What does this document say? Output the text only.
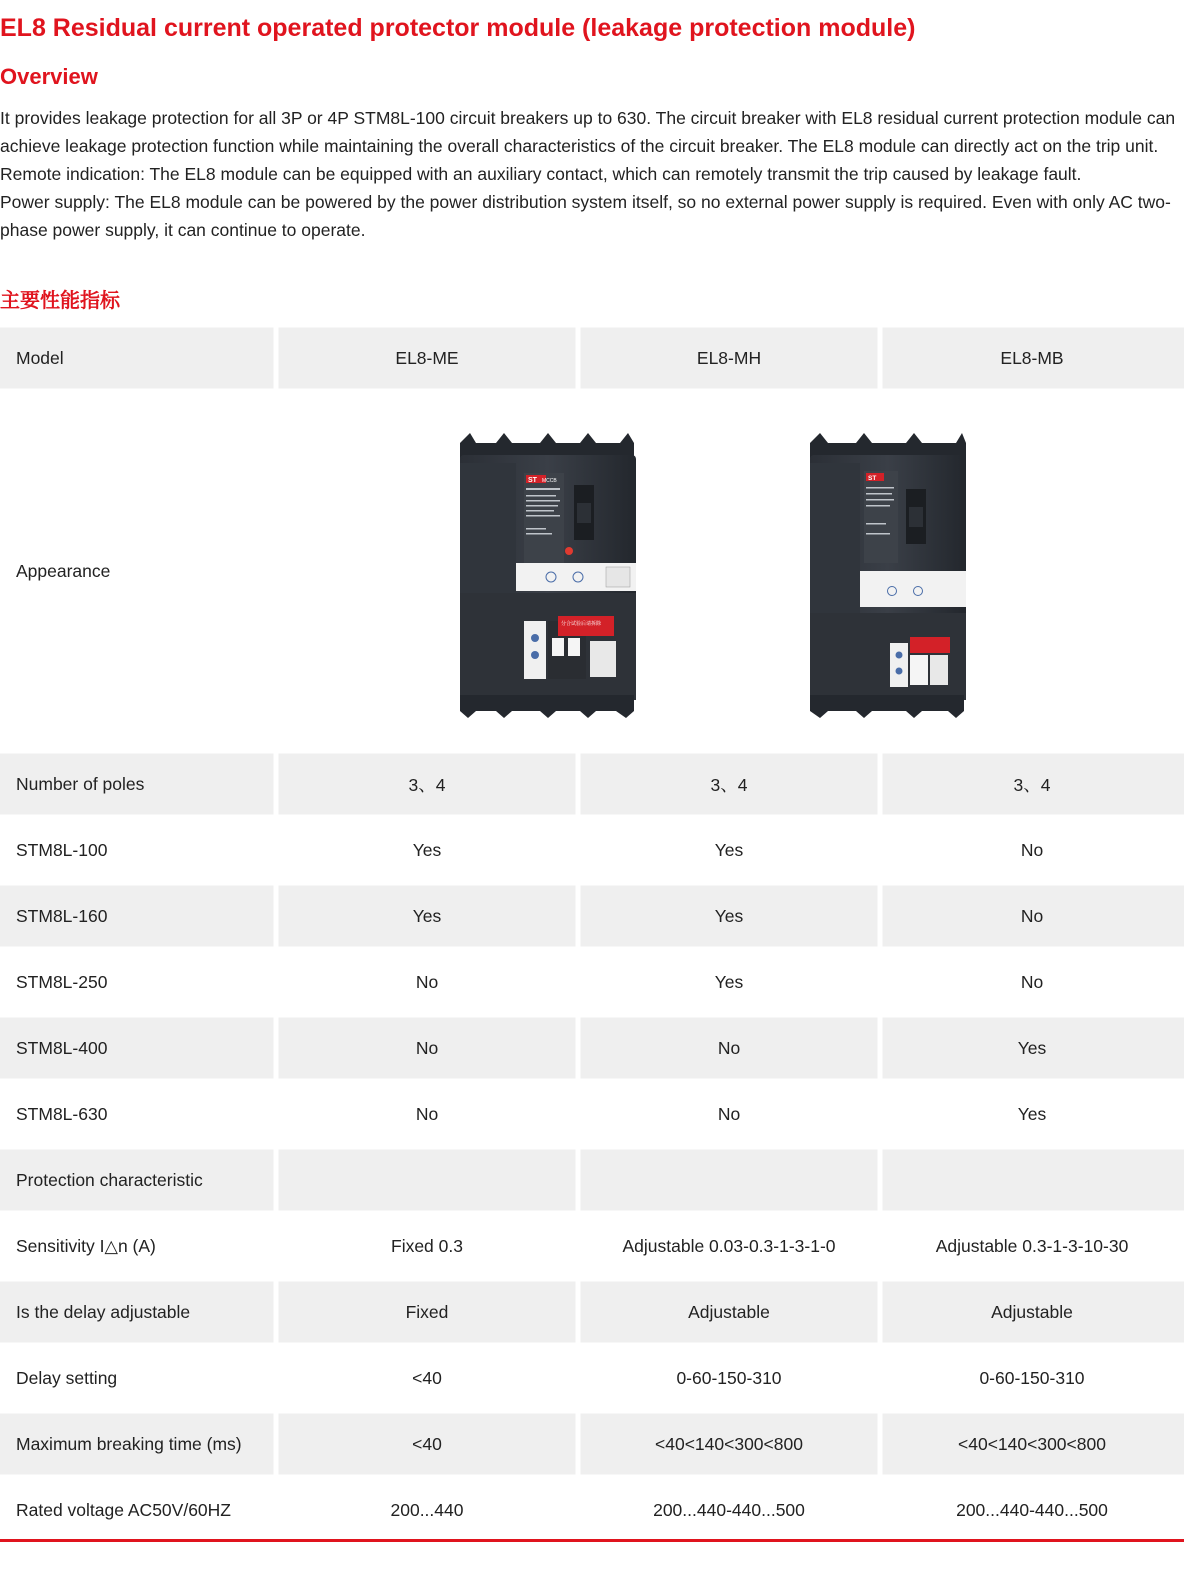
EL8 Residual current operated protector module (leakage protection module)
Overview

It provides leakage protection for all 3P or 4P STM8L-100 circuit breakers up to 630. The circuit breaker with EL8 residual current protection module can achieve leakage protection function while maintaining the overall characteristics of the circuit breaker. The EL8 module can directly act on the trip unit.

Remote indication: The EL8 module can be equipped with an auxiliary contact, which can remotely transmit the trip caused by leakage fault.

Power supply: The EL8 module can be powered by the power distribution system itself, so no external power supply is required. Even with only AC two-phase power supply, it can continue to operate.

主要性能指标
Model	EL8-ME	EL8-MH	EL8-MB
Appearance	ST MCCB
分合试验后请拆除
ST		

Number of poles	3、4	3、4	3、4
STM8L-100	Yes	Yes	No
STM8L-160	Yes	Yes	No
STM8L-250	No	Yes	No
STM8L-400	No	No	Yes
STM8L-630	No	No	Yes
Protection characteristic			
Sensitivity I△n (A)	Fixed 0.3	Adjustable 0.03-0.3-1-3-1-0	Adjustable 0.3-1-3-10-30
Is the delay adjustable	Fixed	Adjustable	Adjustable
Delay setting	<40	0-60-150-310	0-60-150-310
Maximum breaking time (ms)	<40	<40<140<300<800	<40<140<300<800
Rated voltage AC50V/60HZ	200...440	200...440-440...500	200...440-440...500
